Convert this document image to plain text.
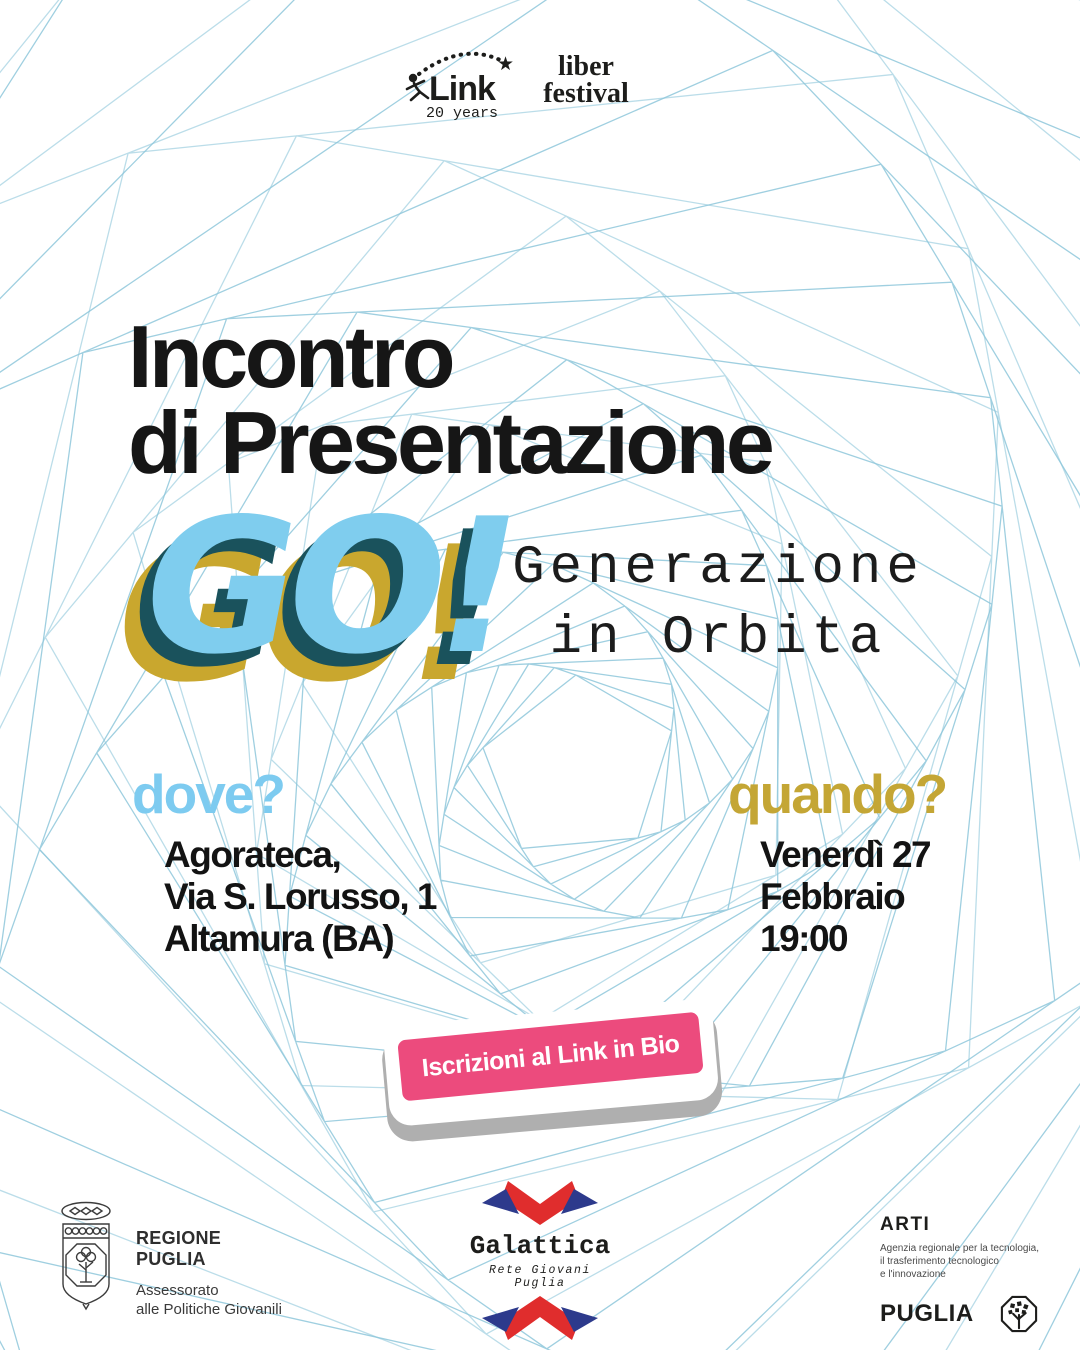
★
Link
20 years
liber
festival
Incontro
di Presentazione
GO! Generazione
in Orbita
dove?
Agorateca,
Via S. Lorusso, 1
Altamura (BA)
quando?
Venerdì 27
Febbraio
19:00
Iscrizioni al Link in Bio
REGIONE
PUGLIA
Assessorato
alle Politiche Giovanili
Galattica
Rete Giovani Puglia
ARTI
Agenzia regionale per la tecnologia,
il trasferimento tecnologico
e l'innovazione
PUGLIA
